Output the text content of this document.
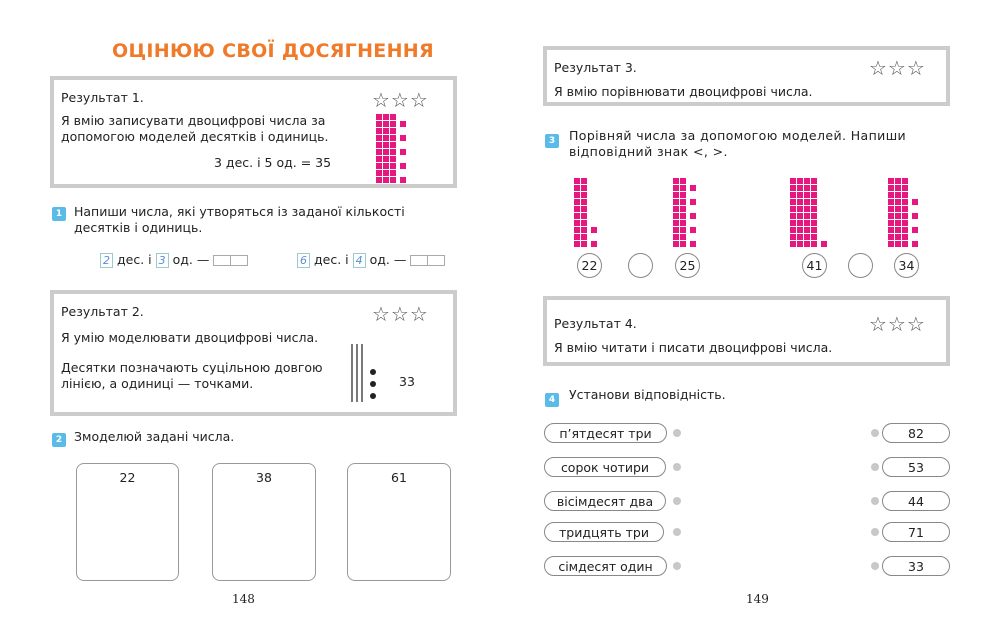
ОЦІНЮЮ СВОЇ ДОСЯГНЕННЯ
Результат 1.	☆☆☆
Я вмію записувати двоцифрові числа за допомогою моделей десятків і одиниць.
3 дес. і 5 од. = 35
1 Напиши числа, які утворяться із заданої кількості десятків і одиниць.
2 дес. і 3 од. —	6 дес. і 4 од. —
Результат 2.	☆☆☆
Я умію моделювати двоцифрові числа.
Десятки позначають суцільною довгою лінією, а одиниці — точками.	33
2 Змоделюй задані числа.
22	38	61
148
Результат 3.	☆☆☆
Я вмію порівнювати двоцифрові числа.
3	Порівняй числа за допомогою моделей. Напиши відповідний знак <, >.
22	25	41	34
Результат 4.	☆☆☆
Я вмію читати і писати двоцифрові числа.
4	Установи відповідність.
п’ятдесят три	82
сорок чотири	53
вісімдесят два	44
тридцять три	71
сімдесят один	33
149
